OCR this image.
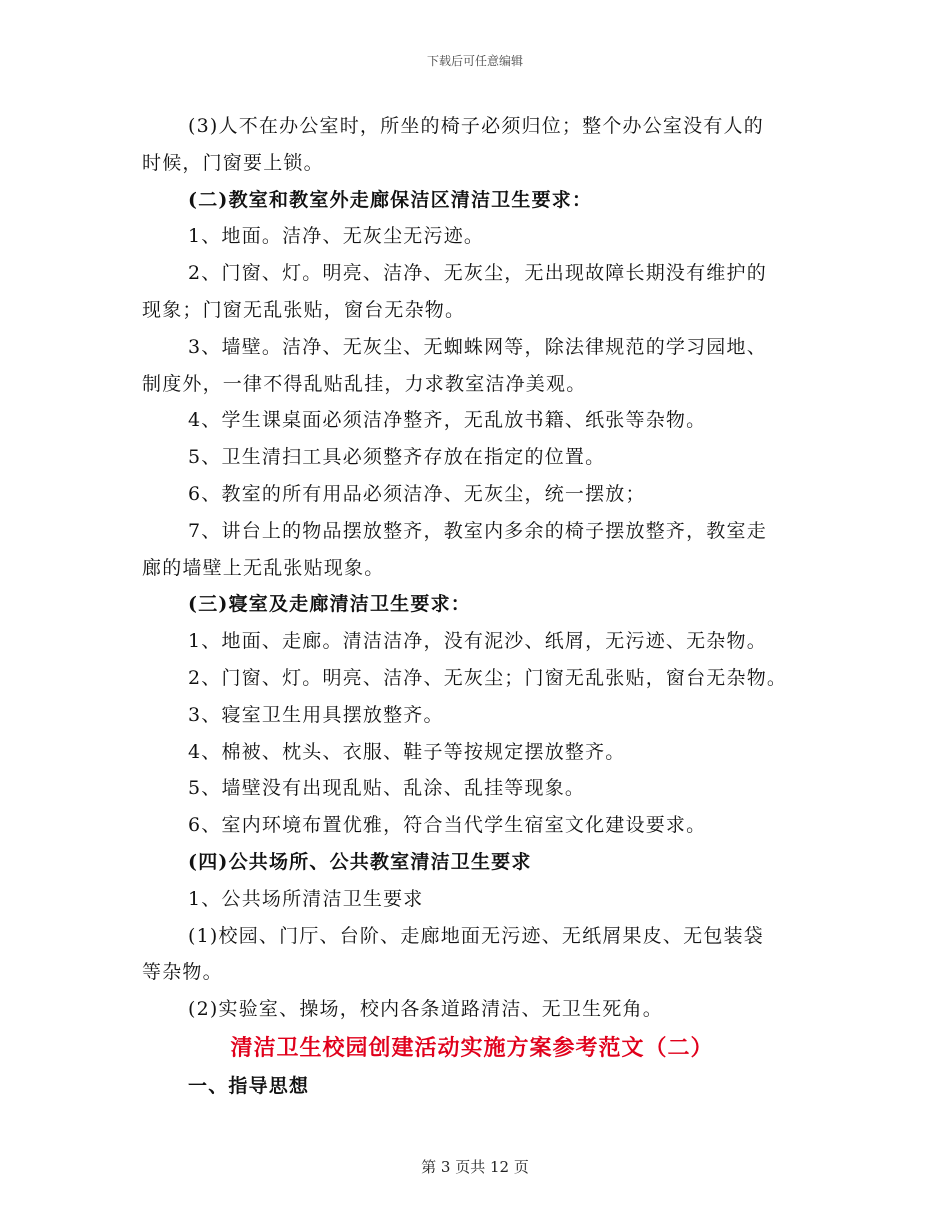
下载后可任意编辑
(3)人不在办公室时，所坐的椅子必须归位；整个办公室没有人的
时候，门窗要上锁。
(二)教室和教室外走廊保洁区清洁卫生要求：
1、地面。洁净、无灰尘无污迹。
2、门窗、灯。明亮、洁净、无灰尘，无出现故障长期没有维护的
现象；门窗无乱张贴，窗台无杂物。
3、墙壁。洁净、无灰尘、无蜘蛛网等，除法律规范的学习园地、
制度外，一律不得乱贴乱挂，力求教室洁净美观。
4、学生课桌面必须洁净整齐，无乱放书籍、纸张等杂物。
5、卫生清扫工具必须整齐存放在指定的位置。
6、教室的所有用品必须洁净、无灰尘，统一摆放；
7、讲台上的物品摆放整齐，教室内多余的椅子摆放整齐，教室走
廊的墙壁上无乱张贴现象。
(三)寝室及走廊清洁卫生要求：
1、地面、走廊。清洁洁净，没有泥沙、纸屑，无污迹、无杂物。
2、门窗、灯。明亮、洁净、无灰尘；门窗无乱张贴，窗台无杂物。
3、寝室卫生用具摆放整齐。
4、棉被、枕头、衣服、鞋子等按规定摆放整齐。
5、墙壁没有出现乱贴、乱涂、乱挂等现象。
6、室内环境布置优雅，符合当代学生宿室文化建设要求。
(四)公共场所、公共教室清洁卫生要求
1、公共场所清洁卫生要求
(1)校园、门厅、台阶、走廊地面无污迹、无纸屑果皮、无包装袋
等杂物。
(2)实验室、操场，校内各条道路清洁、无卫生死角。
清洁卫生校园创建活动实施方案参考范文（二）
一、指导思想
第 3 页共 12 页
